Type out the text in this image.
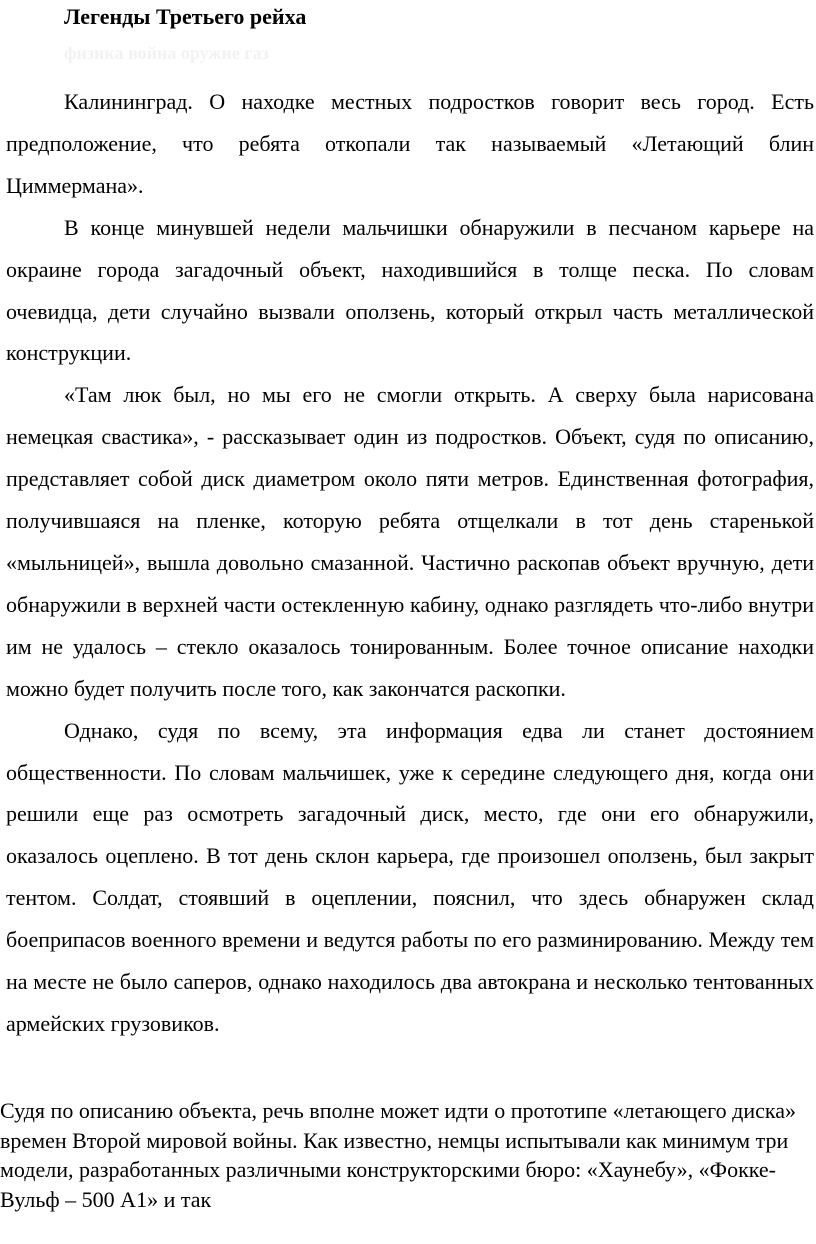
Легенды Третьего рейха
физика война оружие газ

Калининград. О находке местных подростков говорит весь город. Есть предположение, что ребята откопали так называемый «Летающий блин Циммермана».

В конце минувшей недели мальчишки обнаружили в песчаном карьере на окраине города загадочный объект, находившийся в толще песка. По словам очевидца, дети случайно вызвали оползень, который открыл часть металлической конструкции.

«Там люк был, но мы его не смогли открыть. А сверху была нарисована немецкая свастика», - рассказывает один из подростков. Объект, судя по описанию, представляет собой диск диаметром около пяти метров. Единственная фотография, получившаяся на пленке, которую ребята отщелкали в тот день старенькой «мыльницей», вышла довольно смазанной. Частично раскопав объект вручную, дети обнаружили в верхней части остекленную кабину, однако разглядеть что-либо внутри им не удалось – стекло оказалось тонированным. Более точное описание находки можно будет получить после того, как закончатся раскопки.

Однако, судя по всему, эта информация едва ли станет достоянием общественности. По словам мальчишек, уже к середине следующего дня, когда они решили еще раз осмотреть загадочный диск, место, где они его обнаружили, оказалось оцеплено. В тот день склон карьера, где произошел оползень, был закрыт тентом. Солдат, стоявший в оцеплении, пояснил, что здесь обнаружен склад боеприпасов военного времени и ведутся работы по его разминированию. Между тем на месте не было саперов, однако находилось два автокрана и несколько тентованных армейских грузовиков.

Судя по описанию объекта, речь вполне может идти о прототипе «летающего диска» времен Второй мировой войны. Как известно, немцы испытывали как минимум три модели, разработанных различными конструкторскими бюро: «Хаунебу», «Фокке-Вульф – 500 А1» и так
